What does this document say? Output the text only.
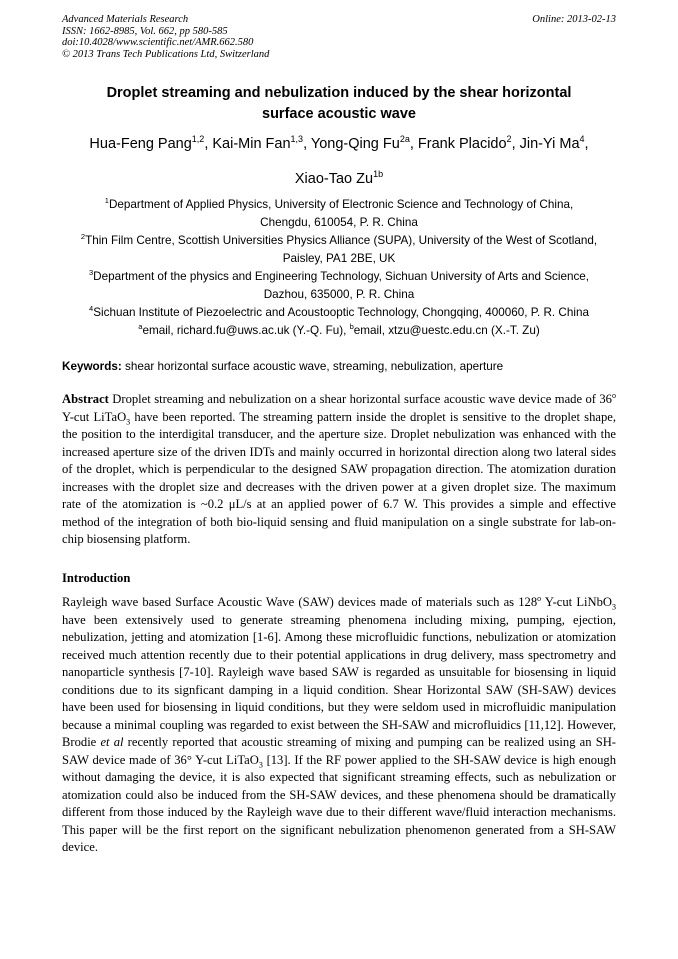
Advanced Materials Research
ISSN: 1662-8985, Vol. 662, pp 580-585
doi:10.4028/www.scientific.net/AMR.662.580
© 2013 Trans Tech Publications Ltd, Switzerland
Online: 2013-02-13
Droplet streaming and nebulization induced by the shear horizontal
surface acoustic wave
Hua-Feng Pang$^{1,2}$, Kai-Min Fan$^{1,3}$, Yong-Qing $Fu^{2a}$, Frank Placido$^2$, Jin-Yi Ma$^4$,
Xiao-Tao $Zu^{1b}$
$^1$Department of Applied Physics, University of Electronic Science and Technology of China,
Chengdu, 610054, P. R. China
$^2$Thin Film Centre, Scottish Universities Physics Alliance (SUPA), University of the West of Scotland,
Paisley, PA1 2BE, UK
$^3$Department of the physics and Engineering Technology, Sichuan University of Arts and Science,
Dazhou, 635000, P. R. China
$^4$Sichuan Institute of Piezoelectric and Acoustooptic Technology, Chongqing, 400060, P. R. China
$^a$email, richard.fu@uws.ac.uk (Y.-Q. Fu), $^b$email, xtzu@uestc.edu.cn (X.-T. Zu)
Keywords: shear horizontal surface acoustic wave, streaming, nebulization, aperture
Abstract Droplet streaming and nebulization on a shear horizontal surface acoustic wave device made of 36$^o$ Y-cut LiTaO$_3$ have been reported. The streaming pattern inside the droplet is sensitive to the droplet shape, the position to the interdigital transducer, and the aperture size. Droplet nebulization was enhanced with the increased aperture size of the driven IDTs and mainly occurred in horizontal direction along two lateral sides of the droplet, which is perpendicular to the designed SAW propagation direction. The atomization duration increases with the droplet size and decreases with the driven power at a given droplet size. The maximum rate of the atomization is ~0.2 μL/s at an applied power of 6.7 W. This provides a simple and effective method of the integration of both bio-liquid sensing and fluid manipulation on a single substrate for lab-on-chip biosensing platform.
Introduction
Rayleigh wave based Surface Acoustic Wave (SAW) devices made of materials such as 128$^o$ Y-cut LiNbO$_3$ have been extensively used to generate streaming phenomena including mixing, pumping, ejection, nebulization, jetting and atomization [1-6]. Among these microfluidic functions, nebulization or atomization received much attention recently due to their potential applications in drug delivery, mass spectrometry and nanoparticle synthesis [7-10]. Rayleigh wave based SAW is regarded as unsuitable for biosensing in liquid conditions due to its signficant damping in a liquid condition. Shear Horizontal SAW (SH-SAW) devices have been used for biosensing in liquid conditions, but they were seldom used in microfluidic manipulation because a minimal coupling was regarded to exist between the SH-SAW and microfluidics [11,12]. However, Brodie et al recently reported that acoustic streaming of mixing and pumping can be realized using an SH-SAW device made of 36° Y-cut LiTaO$_3$ [13]. If the RF power applied to the SH-SAW device is high enough without damaging the device, it is also expected that significant streaming effects, such as nebulization or atomization could also be induced from the SH-SAW devices, and these phenomena should be dramatically different from those induced by the Rayleigh wave due to their different wave/fluid interaction mechanisms. This paper will be the first report on the significant nebulization phenomenon generated from a SH-SAW device.
